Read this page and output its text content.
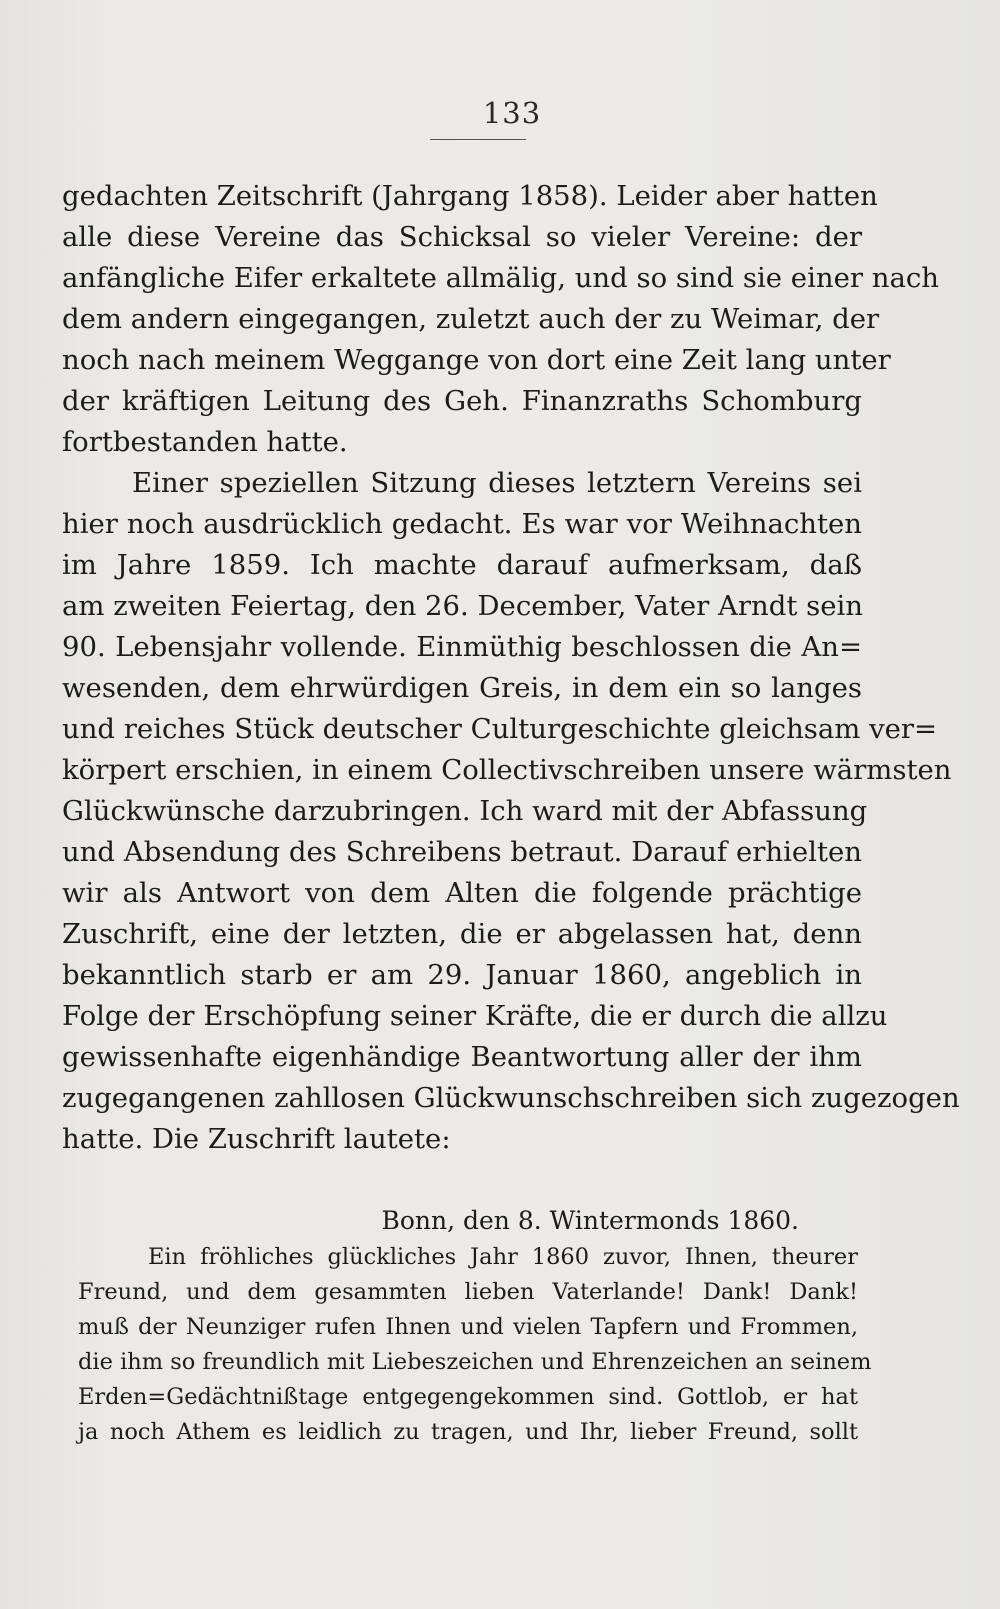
133
gedachten Zeitschrift (Jahrgang 1858). Leider aber hatten
alle diese Vereine das Schicksal so vieler Vereine: der
anfängliche Eifer erkaltete allmälig, und so sind sie einer nach
dem andern eingegangen, zuletzt auch der zu Weimar, der
noch nach meinem Weggange von dort eine Zeit lang unter
der kräftigen Leitung des Geh. Finanzraths Schomburg
fortbestanden hatte.
Einer speziellen Sitzung dieses letztern Vereins sei
hier noch ausdrücklich gedacht. Es war vor Weihnachten
im Jahre 1859. Ich machte darauf aufmerksam, daß
am zweiten Feiertag, den 26. December, Vater Arndt sein
90. Lebensjahr vollende. Einmüthig beschlossen die An=
wesenden, dem ehrwürdigen Greis, in dem ein so langes
und reiches Stück deutscher Culturgeschichte gleichsam ver=
körpert erschien, in einem Collectivschreiben unsere wärmsten
Glückwünsche darzubringen. Ich ward mit der Abfassung
und Absendung des Schreibens betraut. Darauf erhielten
wir als Antwort von dem Alten die folgende prächtige
Zuschrift, eine der letzten, die er abgelassen hat, denn
bekanntlich starb er am 29. Januar 1860, angeblich in
Folge der Erschöpfung seiner Kräfte, die er durch die allzu
gewissenhafte eigenhändige Beantwortung aller der ihm
zugegangenen zahllosen Glückwunschschreiben sich zugezogen
hatte. Die Zuschrift lautete:
Bonn, den 8. Wintermonds 1860.
Ein fröhliches glückliches Jahr 1860 zuvor, Ihnen, theurer
Freund, und dem gesammten lieben Vaterlande! Dank! Dank!
muß der Neunziger rufen Ihnen und vielen Tapfern und Frommen,
die ihm so freundlich mit Liebeszeichen und Ehrenzeichen an seinem
Erden=Gedächtnißtage entgegengekommen sind. Gottlob, er hat
ja noch Athem es leidlich zu tragen, und Ihr, lieber Freund, sollt
